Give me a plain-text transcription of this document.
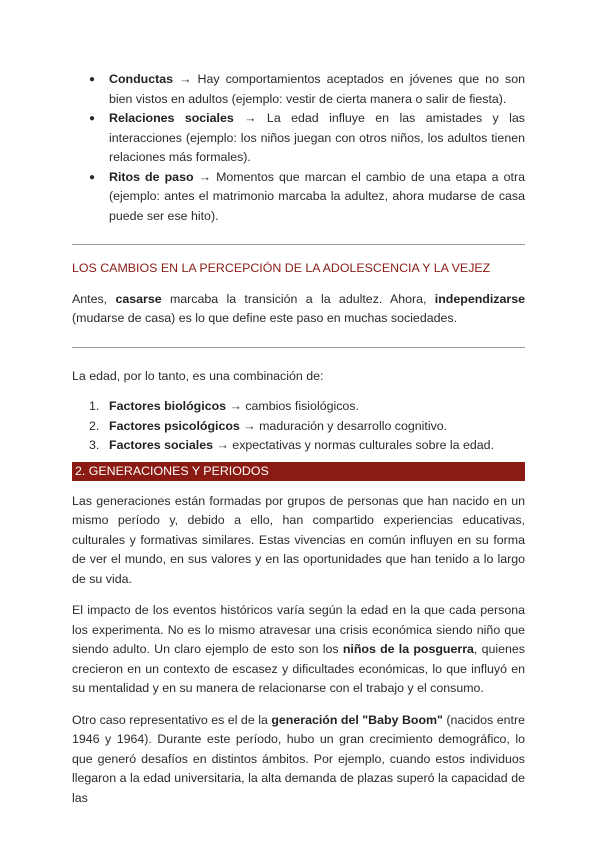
● Conductas → Hay comportamientos aceptados en jóvenes que no son bien vistos en adultos (ejemplo: vestir de cierta manera o salir de fiesta).
● Relaciones sociales → La edad influye en las amistades y las interacciones (ejemplo: los niños juegan con otros niños, los adultos tienen relaciones más formales).
● Ritos de paso → Momentos que marcan el cambio de una etapa a otra (ejemplo: antes el matrimonio marcaba la adultez, ahora mudarse de casa puede ser ese hito).
LOS CAMBIOS EN LA PERCEPCIÓN DE LA ADOLESCENCIA Y LA VEJEZ

Antes, casarse marcaba la transición a la adultez. Ahora, independizarse (mudarse de casa) es lo que define este paso en muchas sociedades.

La edad, por lo tanto, es una combinación de:

1. Factores biológicos → cambios fisiológicos.
2. Factores psicológicos → maduración y desarrollo cognitivo.
3. Factores sociales → expectativas y normas culturales sobre la edad.
2. GENERACIONES Y PERIODOS

Las generaciones están formadas por grupos de personas que han nacido en un mismo período y, debido a ello, han compartido experiencias educativas, culturales y formativas similares. Estas vivencias en común influyen en su forma de ver el mundo, en sus valores y en las oportunidades que han tenido a lo largo de su vida.

El impacto de los eventos históricos varía según la edad en la que cada persona los experimenta. No es lo mismo atravesar una crisis económica siendo niño que siendo adulto. Un claro ejemplo de esto son los niños de la posguerra, quienes crecieron en un contexto de escasez y dificultades económicas, lo que influyó en su mentalidad y en su manera de relacionarse con el trabajo y el consumo.

Otro caso representativo es el de la generación del "Baby Boom" (nacidos entre 1946 y 1964). Durante este período, hubo un gran crecimiento demográfico, lo que generó desafíos en distintos ámbitos. Por ejemplo, cuando estos individuos llegaron a la edad universitaria, la alta demanda de plazas superó la capacidad de las
